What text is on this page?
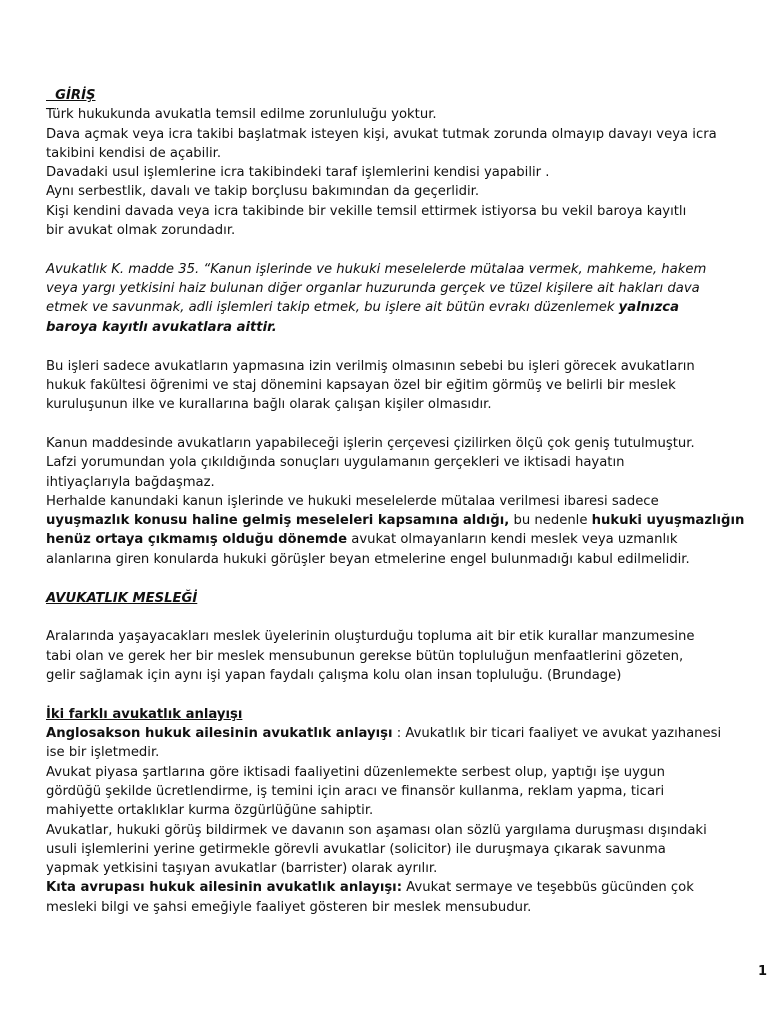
GİRİŞ
Türk hukukunda avukatla temsil edilme zorunluluğu yoktur.
Dava açmak veya icra takibi başlatmak isteyen kişi, avukat tutmak zorunda olmayıp davayı veya icra
takibini kendisi de açabilir.
Davadaki usul işlemlerine icra takibindeki taraf işlemlerini kendisi yapabilir .
Aynı serbestlik, davalı ve takip borçlusu bakımından da geçerlidir.
Kişi kendini davada veya icra takibinde bir vekille temsil ettirmek istiyorsa bu vekil baroya kayıtlı
bir avukat olmak zorundadır.
Avukatlık K. madde 35. “Kanun işlerinde ve hukuki meselelerde mütalaa vermek, mahkeme, hakem
veya yargı yetkisini haiz bulunan diğer organlar huzurunda gerçek ve tüzel kişilere ait hakları dava
etmek ve savunmak, adli işlemleri takip etmek, bu işlere ait bütün evrakı düzenlemek yalnızca
baroya kayıtlı avukatlara aittir.
Bu işleri sadece avukatların yapmasına izin verilmiş olmasının sebebi bu işleri görecek avukatların
hukuk fakültesi öğrenimi ve staj dönemini kapsayan özel bir eğitim görmüş ve belirli bir meslek
kuruluşunun ilke ve kurallarına bağlı olarak çalışan kişiler olmasıdır.
Kanun maddesinde avukatların yapabileceği işlerin çerçevesi çizilirken ölçü çok geniş tutulmuştur.
Lafzi yorumundan yola çıkıldığında sonuçları uygulamanın gerçekleri ve iktisadi hayatın
ihtiyaçlarıyla bağdaşmaz.
Herhalde kanundaki kanun işlerinde ve hukuki meselelerde mütalaa verilmesi ibaresi sadece
uyuşmazlık konusu haline gelmiş meseleleri kapsamına aldığı, bu nedenle hukuki uyuşmazlığın
henüz ortaya çıkmamış olduğu dönemde avukat olmayanların kendi meslek veya uzmanlık
alanlarına giren konularda hukuki görüşler beyan etmelerine engel bulunmadığı kabul edilmelidir.
AVUKATLIK MESLEĞİ
Aralarında yaşayacakları meslek üyelerinin oluşturduğu topluma ait bir etik kurallar manzumesine
tabi olan ve gerek her bir meslek mensubunun gerekse bütün topluluğun menfaatlerini gözeten,
gelir sağlamak için aynı işi yapan faydalı çalışma kolu olan insan topluluğu. (Brundage)
İki farklı avukatlık anlayışı
Anglosakson hukuk ailesinin avukatlık anlayışı : Avukatlık bir ticari faaliyet ve avukat yazıhanesi
ise bir işletmedir.
Avukat piyasa şartlarına göre iktisadi faaliyetini düzenlemekte serbest olup, yaptığı işe uygun
gördüğü şekilde ücretlendirme, iş temini için aracı ve finansör kullanma, reklam yapma, ticari
mahiyette ortaklıklar kurma özgürlüğüne sahiptir.
Avukatlar, hukuki görüş bildirmek ve davanın son aşaması olan sözlü yargılama duruşması dışındaki
usuli işlemlerini yerine getirmekle görevli avukatlar (solicitor) ile duruşmaya çıkarak savunma
yapmak yetkisini taşıyan avukatlar (barrister) olarak ayrılır.
Kıta avrupası hukuk ailesinin avukatlık anlayışı: Avukat sermaye ve teşebbüs gücünden çok
mesleki bilgi ve şahsi emeğiyle faaliyet gösteren bir meslek mensubudur.
1
